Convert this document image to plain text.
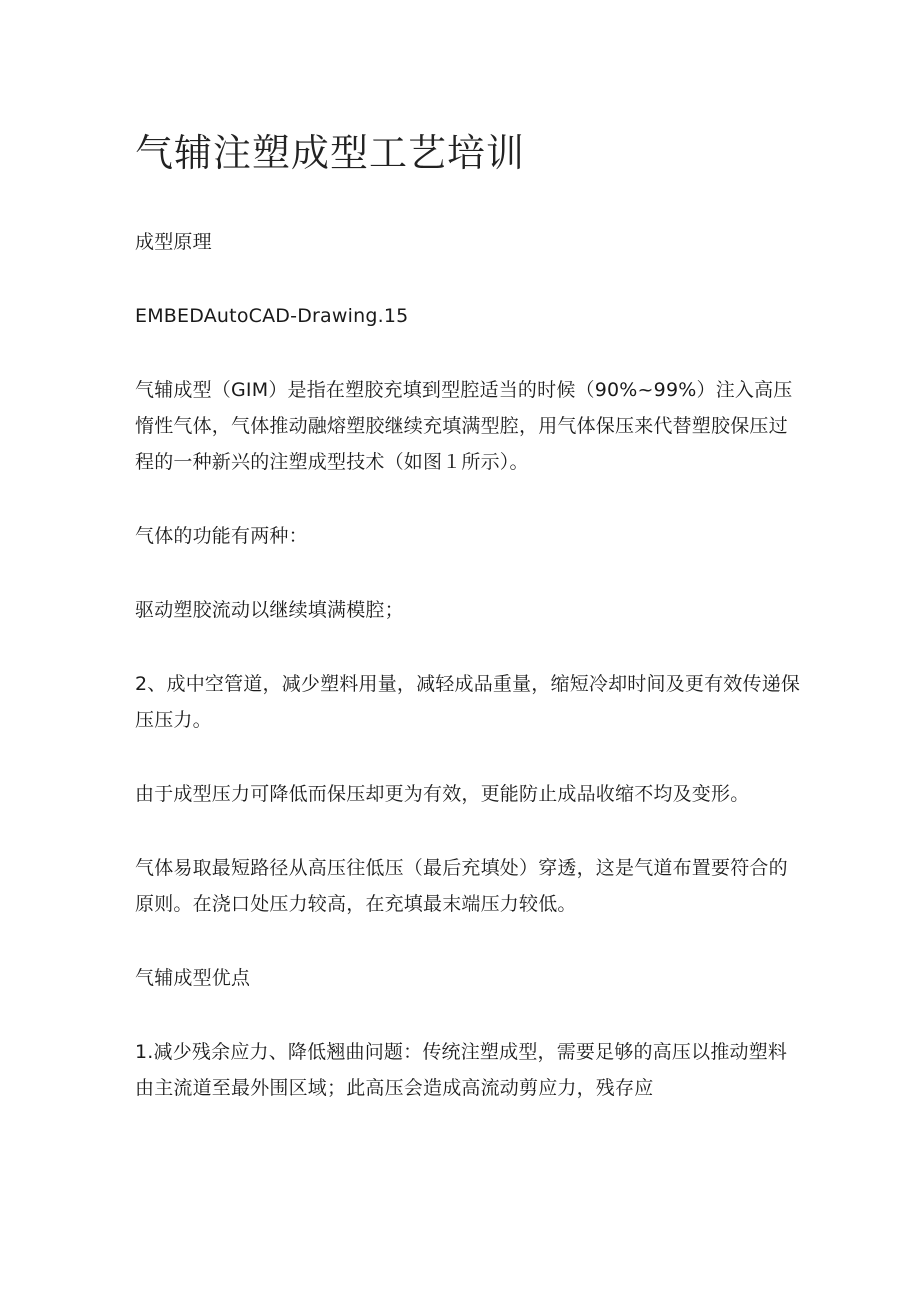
气辅注塑成型工艺培训

成型原理

EMBEDAutoCAD-Drawing.15

气辅成型（GIM）是指在塑胶充填到型腔适当的时候（90%~99%）注入高压惰性气体，气体推动融熔塑胶继续充填满型腔，用气体保压来代替塑胶保压过程的一种新兴的注塑成型技术（如图１所示）。

气体的功能有两种：

驱动塑胶流动以继续填满模腔；

2、成中空管道，减少塑料用量，减轻成品重量，缩短冷却时间及更有效传递保压压力。

由于成型压力可降低而保压却更为有效，更能防止成品收缩不均及变形。

气体易取最短路径从高压往低压（最后充填处）穿透，这是气道布置要符合的原则。在浇口处压力较高，在充填最末端压力较低。

气辅成型优点

1.减少残余应力、降低翘曲问题：传统注塑成型，需要足够的高压以推动塑料由主流道至最外围区域；此高压会造成高流动剪应力，残存应
